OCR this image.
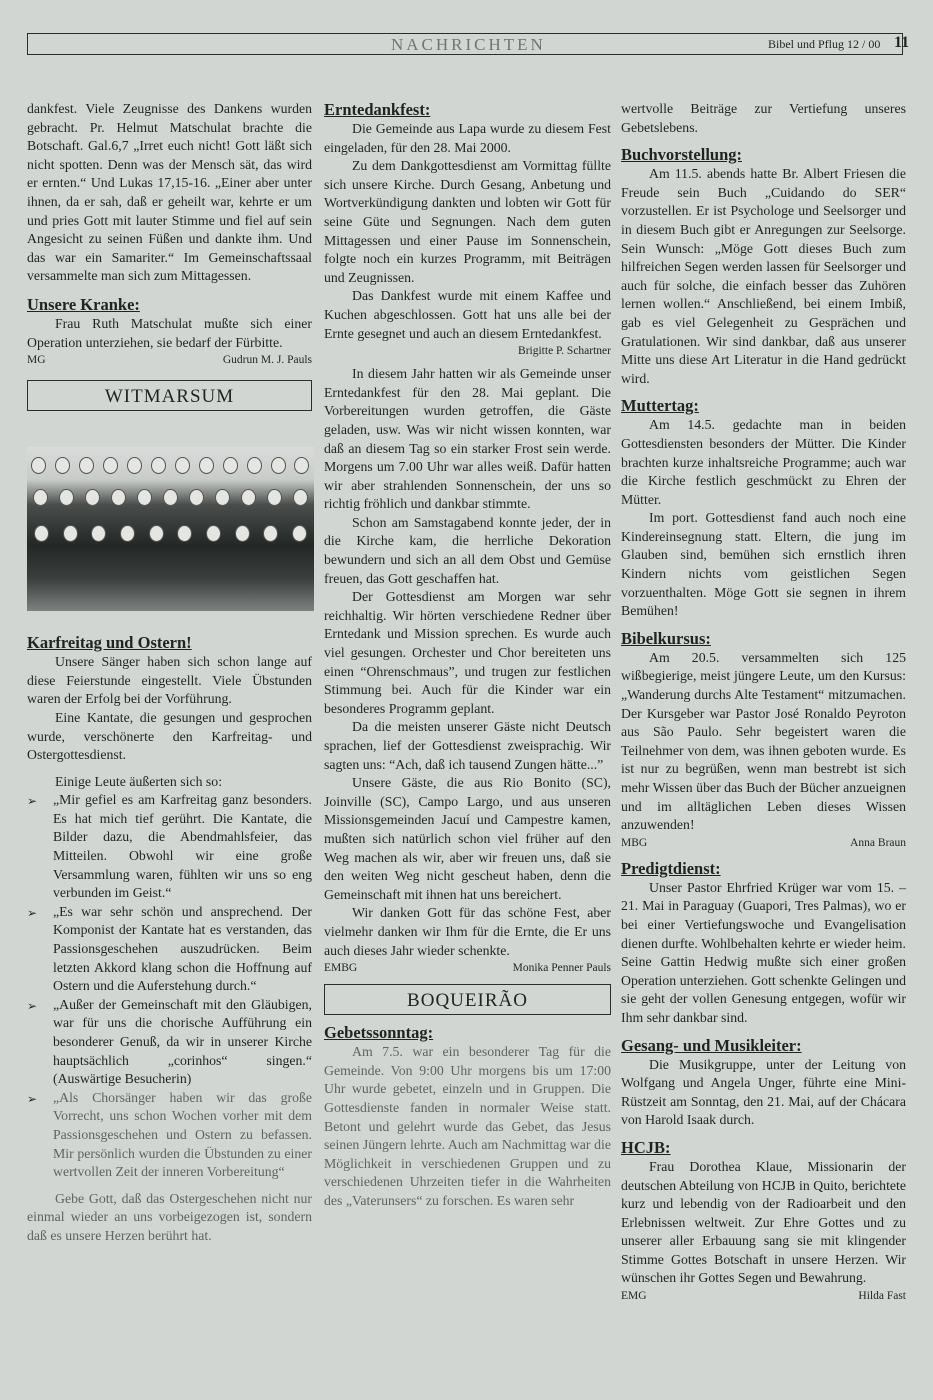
NACHRICHTEN	Bibel und Pflug 12 / 00 11

dankfest. Viele Zeugnisse des Dankens wurden gebracht. Pr. Helmut Matschulat brachte die Botschaft. Gal.6,7 „Irret euch nicht! Gott läßt sich nicht spotten. Denn was der Mensch sät, das wird er ernten.“ Und Lukas 17,15-16. „Einer aber unter ihnen, da er sah, daß er geheilt war, kehrte er um und pries Gott mit lauter Stimme und fiel auf sein Angesicht zu seinen Füßen und dankte ihm. Und das war ein Samariter.“ Im Gemeinschaftssaal versammelte man sich zum Mittagessen.

Unsere Kranke:

Frau Ruth Matschulat mußte sich einer Operation unterziehen, sie bedarf der Fürbitte.

MG	Gudrun M. J. Pauls
WITMARSUM
Karfreitag und Ostern!

Unsere Sänger haben sich schon lange auf diese Feierstunde eingestellt. Viele Übstunden waren der Erfolg bei der Vorführung.

Eine Kantate, die gesungen und gesprochen wurde, verschönerte den Karfreitag- und Ostergottesdienst.

Einige Leute äußerten sich so:

➢	„Mir gefiel es am Karfreitag ganz besonders. Es hat mich tief gerührt. Die Kantate, die Bilder dazu, die Abendmahlsfeier, das Mitteilen. Obwohl wir eine große Versammlung waren, fühlten wir uns so eng verbunden im Geist.“

➢	„Es war sehr schön und ansprechend. Der Komponist der Kantate hat es verstanden, das Passionsgeschehen auszudrücken. Beim letzten Akkord klang schon die Hoffnung auf Ostern und die Auferstehung durch.“

➢	„Außer der Gemeinschaft mit den Gläubigen, war für uns die chorische Aufführung ein besonderer Genuß, da wir in unserer Kirche hauptsächlich „corinhos“ singen.“ (Auswärtige Besucherin)

➢	„Als Chorsänger haben wir das große Vorrecht, uns schon Wochen vorher mit dem Passionsgeschehen und Ostern zu befassen. Mir persönlich wurden die Übstunden zu einer wertvollen Zeit der inneren Vorbereitung“

Gebe Gott, daß das Ostergeschehen nicht nur einmal wieder an uns vorbeigezogen ist, sondern daß es unsere Herzen berührt hat.

Erntedankfest:

Die Gemeinde aus Lapa wurde zu diesem Fest eingeladen, für den 28. Mai 2000.

Zu dem Dankgottesdienst am Vormittag füllte sich unsere Kirche. Durch Gesang, Anbetung und Wortverkündigung dankten und lobten wir Gott für seine Güte und Segnungen. Nach dem guten Mittagessen und einer Pause im Sonnenschein, folgte noch ein kurzes Programm, mit Beiträgen und Zeugnissen.

Das Dankfest wurde mit einem Kaffee und Kuchen abgeschlossen. Gott hat uns alle bei der Ernte gesegnet und auch an diesem Erntedankfest.

Brigitte P. Schartner

In diesem Jahr hatten wir als Gemeinde unser Erntedankfest für den 28. Mai geplant. Die Vorbereitungen wurden getroffen, die Gäste geladen, usw. Was wir nicht wissen konnten, war daß an diesem Tag so ein starker Frost sein werde. Morgens um 7.00 Uhr war alles weiß. Dafür hatten wir aber strahlenden Sonnenschein, der uns so richtig fröhlich und dankbar stimmte.

Schon am Samstagabend konnte jeder, der in die Kirche kam, die herrliche Dekoration bewundern und sich an all dem Obst und Gemüse freuen, das Gott geschaffen hat.

Der Gottesdienst am Morgen war sehr reichhaltig. Wir hörten verschiedene Redner über Erntedank und Mission sprechen. Es wurde auch viel gesungen. Orchester und Chor bereiteten uns einen “Ohrenschmaus”, und trugen zur festlichen Stimmung bei. Auch für die Kinder war ein besonderes Programm geplant.

Da die meisten unserer Gäste nicht Deutsch sprachen, lief der Gottesdienst zweisprachig. Wir sagten uns: “Ach, daß ich tausend Zungen hätte...”

Unsere Gäste, die aus Rio Bonito (SC), Joinville (SC), Campo Largo, und aus unseren Missionsgemeinden Jacuí und Campestre kamen, mußten sich natürlich schon viel früher auf den Weg machen als wir, aber wir freuen uns, daß sie den weiten Weg nicht gescheut haben, denn die Gemeinschaft mit ihnen hat uns bereichert.

Wir danken Gott für das schöne Fest, aber vielmehr danken wir Ihm für die Ernte, die Er uns auch dieses Jahr wieder schenkte.

EMBG	Monika Penner Pauls
BOQUEIRÃO
Gebetssonntag:

Am 7.5. war ein besonderer Tag für die Gemeinde. Von 9:00 Uhr morgens bis um 17:00 Uhr wurde gebetet, einzeln und in Gruppen. Die Gottesdienste fanden in normaler Weise statt. Betont und gelehrt wurde das Gebet, das Jesus seinen Jüngern lehrte. Auch am Nachmittag war die Möglichkeit in verschiedenen Gruppen und zu verschiedenen Uhrzeiten tiefer in die Wahrheiten des „Vaterunsers“ zu forschen. Es waren sehr

wertvolle Beiträge zur Vertiefung unseres Gebetslebens.

Buchvorstellung:

Am 11.5. abends hatte Br. Albert Friesen die Freude sein Buch „Cuidando do SER“ vorzustellen. Er ist Psychologe und Seelsorger und in diesem Buch gibt er Anregungen zur Seelsorge. Sein Wunsch: „Möge Gott dieses Buch zum hilfreichen Segen werden lassen für Seelsorger und auch für solche, die einfach besser das Zuhören lernen wollen.“ Anschließend, bei einem Imbiß, gab es viel Gelegenheit zu Gesprächen und Gratulationen. Wir sind dankbar, daß aus unserer Mitte uns diese Art Literatur in die Hand gedrückt wird.

Muttertag:

Am 14.5. gedachte man in beiden Gottesdiensten besonders der Mütter. Die Kinder brachten kurze inhaltsreiche Programme; auch war die Kirche festlich geschmückt zu Ehren der Mütter.

Im port. Gottesdienst fand auch noch eine Kindereinsegnung statt. Eltern, die jung im Glauben sind, bemühen sich ernstlich ihren Kindern nichts vom geistlichen Segen vorzuenthalten. Möge Gott sie segnen in ihrem Bemühen!

Bibelkursus:

Am 20.5. versammelten sich 125 wißbegierige, meist jüngere Leute, um den Kursus: „Wanderung durchs Alte Testament“ mitzumachen. Der Kursgeber war Pastor José Ronaldo Peyroton aus São Paulo. Sehr begeistert waren die Teilnehmer von dem, was ihnen geboten wurde. Es ist nur zu begrüßen, wenn man bestrebt ist sich mehr Wissen über das Buch der Bücher anzueignen und im alltäglichen Leben dieses Wissen anzuwenden!

MBG	Anna Braun
Predigtdienst:

Unser Pastor Ehrfried Krüger war vom 15. – 21. Mai in Paraguay (Guapori, Tres Palmas), wo er bei einer Vertiefungswoche und Evangelisation dienen durfte. Wohlbehalten kehrte er wieder heim. Seine Gattin Hedwig mußte sich einer großen Operation unterziehen. Gott schenkte Gelingen und sie geht der vollen Genesung entgegen, wofür wir Ihm sehr dankbar sind.

Gesang- und Musikleiter:

Die Musikgruppe, unter der Leitung von Wolfgang und Angela Unger, führte eine Mini-Rüstzeit am Sonntag, den 21. Mai, auf der Chácara von Harold Isaak durch.

HCJB:

Frau Dorothea Klaue, Missionarin der deutschen Abteilung von HCJB in Quito, berichtete kurz und lebendig von der Radioarbeit und den Erlebnissen weltweit. Zur Ehre Gottes und zu unserer aller Erbauung sang sie mit klingender Stimme Gottes Botschaft in unsere Herzen. Wir wünschen ihr Gottes Segen und Bewahrung.

EMG	Hilda Fast
